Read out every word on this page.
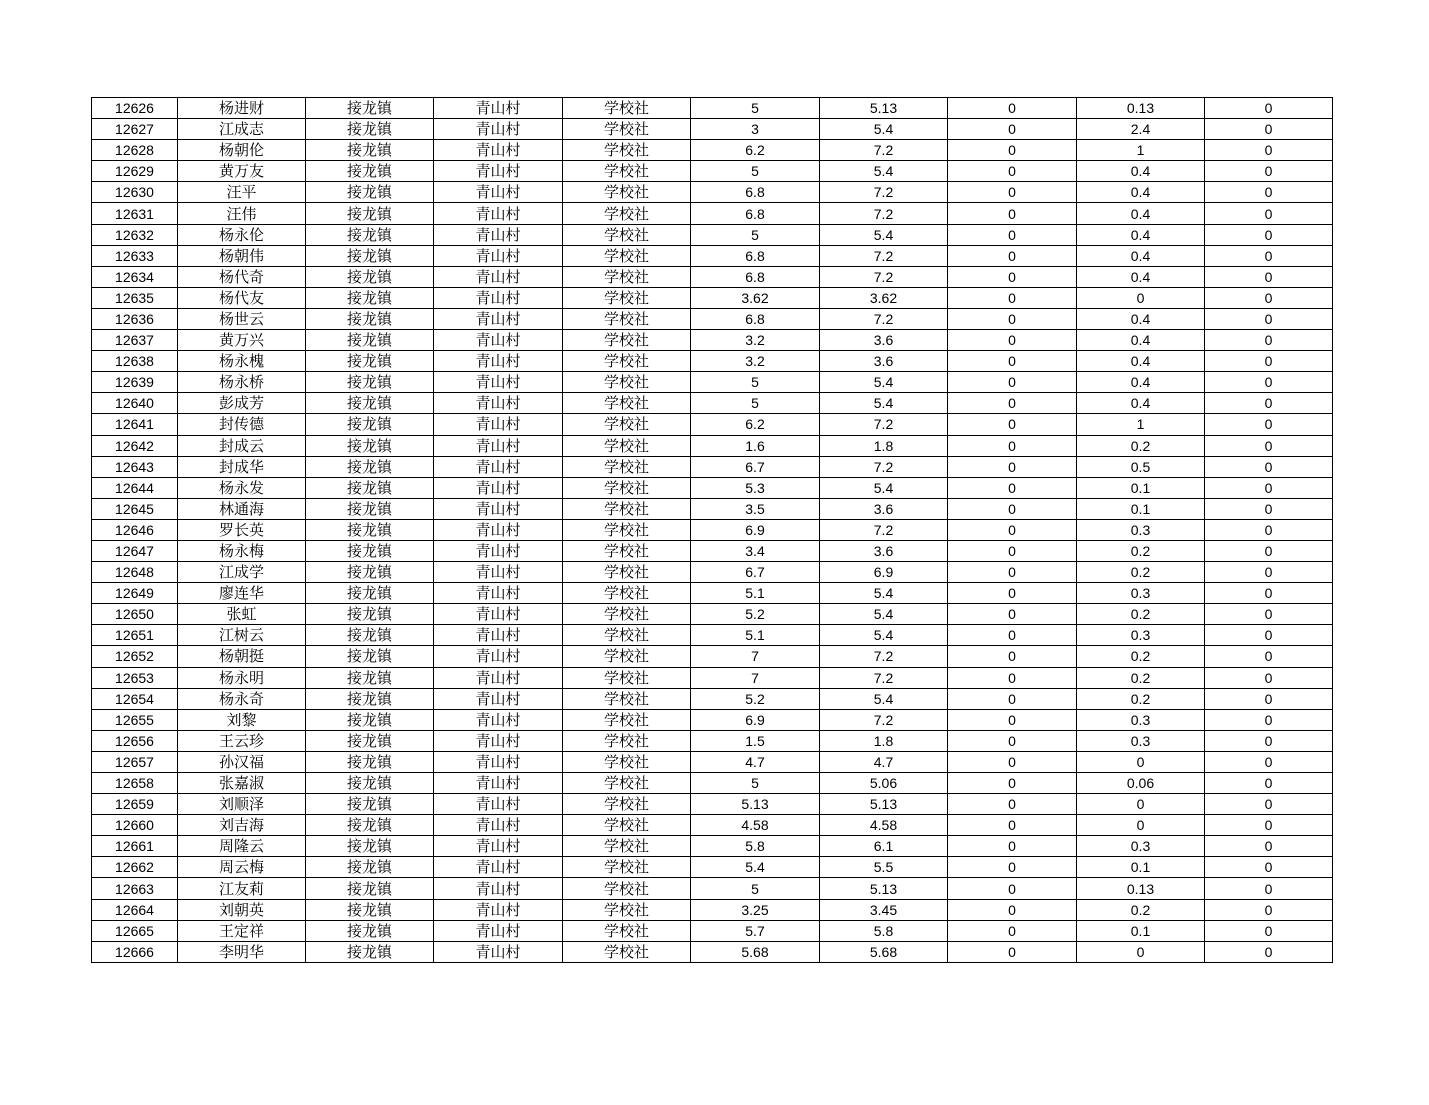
12626	杨进财	接龙镇	青山村	学校社	5	5.13	0	0.13	0
12627	江成志	接龙镇	青山村	学校社	3	5.4	0	2.4	0
12628	杨朝伦	接龙镇	青山村	学校社	6.2	7.2	0	1	0
12629	黄万友	接龙镇	青山村	学校社	5	5.4	0	0.4	0
12630	汪平	接龙镇	青山村	学校社	6.8	7.2	0	0.4	0
12631	汪伟	接龙镇	青山村	学校社	6.8	7.2	0	0.4	0
12632	杨永伦	接龙镇	青山村	学校社	5	5.4	0	0.4	0
12633	杨朝伟	接龙镇	青山村	学校社	6.8	7.2	0	0.4	0
12634	杨代奇	接龙镇	青山村	学校社	6.8	7.2	0	0.4	0
12635	杨代友	接龙镇	青山村	学校社	3.62	3.62	0	0	0
12636	杨世云	接龙镇	青山村	学校社	6.8	7.2	0	0.4	0
12637	黄万兴	接龙镇	青山村	学校社	3.2	3.6	0	0.4	0
12638	杨永槐	接龙镇	青山村	学校社	3.2	3.6	0	0.4	0
12639	杨永桥	接龙镇	青山村	学校社	5	5.4	0	0.4	0
12640	彭成芳	接龙镇	青山村	学校社	5	5.4	0	0.4	0
12641	封传德	接龙镇	青山村	学校社	6.2	7.2	0	1	0
12642	封成云	接龙镇	青山村	学校社	1.6	1.8	0	0.2	0
12643	封成华	接龙镇	青山村	学校社	6.7	7.2	0	0.5	0
12644	杨永发	接龙镇	青山村	学校社	5.3	5.4	0	0.1	0
12645	林通海	接龙镇	青山村	学校社	3.5	3.6	0	0.1	0
12646	罗长英	接龙镇	青山村	学校社	6.9	7.2	0	0.3	0
12647	杨永梅	接龙镇	青山村	学校社	3.4	3.6	0	0.2	0
12648	江成学	接龙镇	青山村	学校社	6.7	6.9	0	0.2	0
12649	廖连华	接龙镇	青山村	学校社	5.1	5.4	0	0.3	0
12650	张虹	接龙镇	青山村	学校社	5.2	5.4	0	0.2	0
12651	江树云	接龙镇	青山村	学校社	5.1	5.4	0	0.3	0
12652	杨朝挺	接龙镇	青山村	学校社	7	7.2	0	0.2	0
12653	杨永明	接龙镇	青山村	学校社	7	7.2	0	0.2	0
12654	杨永奇	接龙镇	青山村	学校社	5.2	5.4	0	0.2	0
12655	刘黎	接龙镇	青山村	学校社	6.9	7.2	0	0.3	0
12656	王云珍	接龙镇	青山村	学校社	1.5	1.8	0	0.3	0
12657	孙汉福	接龙镇	青山村	学校社	4.7	4.7	0	0	0
12658	张嘉淑	接龙镇	青山村	学校社	5	5.06	0	0.06	0
12659	刘顺泽	接龙镇	青山村	学校社	5.13	5.13	0	0	0
12660	刘吉海	接龙镇	青山村	学校社	4.58	4.58	0	0	0
12661	周隆云	接龙镇	青山村	学校社	5.8	6.1	0	0.3	0
12662	周云梅	接龙镇	青山村	学校社	5.4	5.5	0	0.1	0
12663	江友莉	接龙镇	青山村	学校社	5	5.13	0	0.13	0
12664	刘朝英	接龙镇	青山村	学校社	3.25	3.45	0	0.2	0
12665	王定祥	接龙镇	青山村	学校社	5.7	5.8	0	0.1	0
12666	李明华	接龙镇	青山村	学校社	5.68	5.68	0	0	0
